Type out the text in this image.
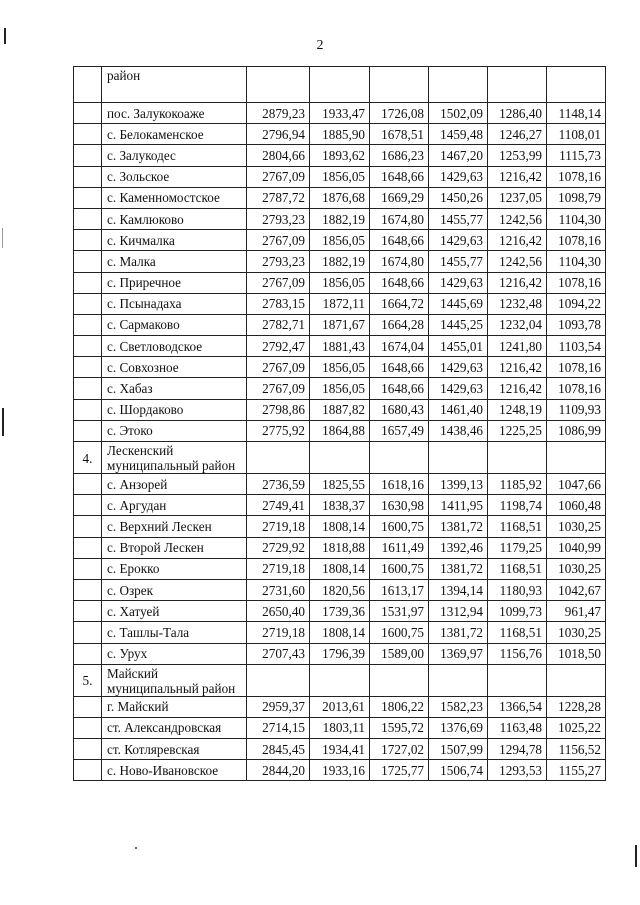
2
	район						
	пос. Залукокоаже	2879,23	1933,47	1726,08	1502,09	1286,40	1148,14
	с. Белокаменское	2796,94	1885,90	1678,51	1459,48	1246,27	1108,01
	с. Залукодес	2804,66	1893,62	1686,23	1467,20	1253,99	1115,73
	с. Зольское	2767,09	1856,05	1648,66	1429,63	1216,42	1078,16
	с. Каменномостское	2787,72	1876,68	1669,29	1450,26	1237,05	1098,79
	с. Камлюково	2793,23	1882,19	1674,80	1455,77	1242,56	1104,30
	с. Кичмалка	2767,09	1856,05	1648,66	1429,63	1216,42	1078,16
	с. Малка	2793,23	1882,19	1674,80	1455,77	1242,56	1104,30
	с. Приречное	2767,09	1856,05	1648,66	1429,63	1216,42	1078,16
	с. Псынадаха	2783,15	1872,11	1664,72	1445,69	1232,48	1094,22
	с. Сармаково	2782,71	1871,67	1664,28	1445,25	1232,04	1093,78
	с. Светловодское	2792,47	1881,43	1674,04	1455,01	1241,80	1103,54
	с. Совхозное	2767,09	1856,05	1648,66	1429,63	1216,42	1078,16
	с. Хабаз	2767,09	1856,05	1648,66	1429,63	1216,42	1078,16
	с. Шордаково	2798,86	1887,82	1680,43	1461,40	1248,19	1109,93
	с. Этоко	2775,92	1864,88	1657,49	1438,46	1225,25	1086,99
4.	Лескенский муниципальный район						
	с. Анзорей	2736,59	1825,55	1618,16	1399,13	1185,92	1047,66
	с. Аргудан	2749,41	1838,37	1630,98	1411,95	1198,74	1060,48
	с. Верхний Лескен	2719,18	1808,14	1600,75	1381,72	1168,51	1030,25
	с. Второй Лескен	2729,92	1818,88	1611,49	1392,46	1179,25	1040,99
	с. Ерокко	2719,18	1808,14	1600,75	1381,72	1168,51	1030,25
	с. Озрек	2731,60	1820,56	1613,17	1394,14	1180,93	1042,67
	с. Хатуей	2650,40	1739,36	1531,97	1312,94	1099,73	961,47
	с. Ташлы-Тала	2719,18	1808,14	1600,75	1381,72	1168,51	1030,25
	с. Урух	2707,43	1796,39	1589,00	1369,97	1156,76	1018,50
5.	Майский муниципальный район						
	г. Майский	2959,37	2013,61	1806,22	1582,23	1366,54	1228,28
	ст. Александровская	2714,15	1803,11	1595,72	1376,69	1163,48	1025,22
	ст. Котляревская	2845,45	1934,41	1727,02	1507,99	1294,78	1156,52
	с. Ново-Ивановское	2844,20	1933,16	1725,77	1506,74	1293,53	1155,27
